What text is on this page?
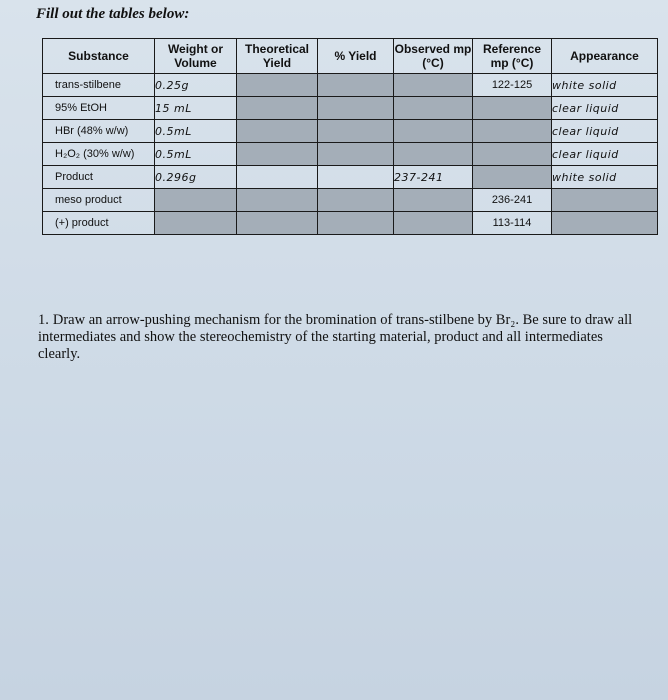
Fill out the tables below:
Substance	Weight or Volume	Theoretical Yield	% Yield	Observed mp (°C)	Reference mp (°C)	Appearance
trans-stilbene	0.25g				122-125	white solid
95% EtOH	15 mL					clear liquid
HBr (48% w/w)	0.5mL					clear liquid
H₂O₂ (30% w/w)	0.5mL					clear liquid
Product	0.296g			237-241		white solid
meso product					236-241	
(+) product					113-114	
1. Draw an arrow-pushing mechanism for the bromination of trans-stilbene by Br₂. Be sure to draw all intermediates and show the stereochemistry of the starting material, product and all intermediates clearly.
